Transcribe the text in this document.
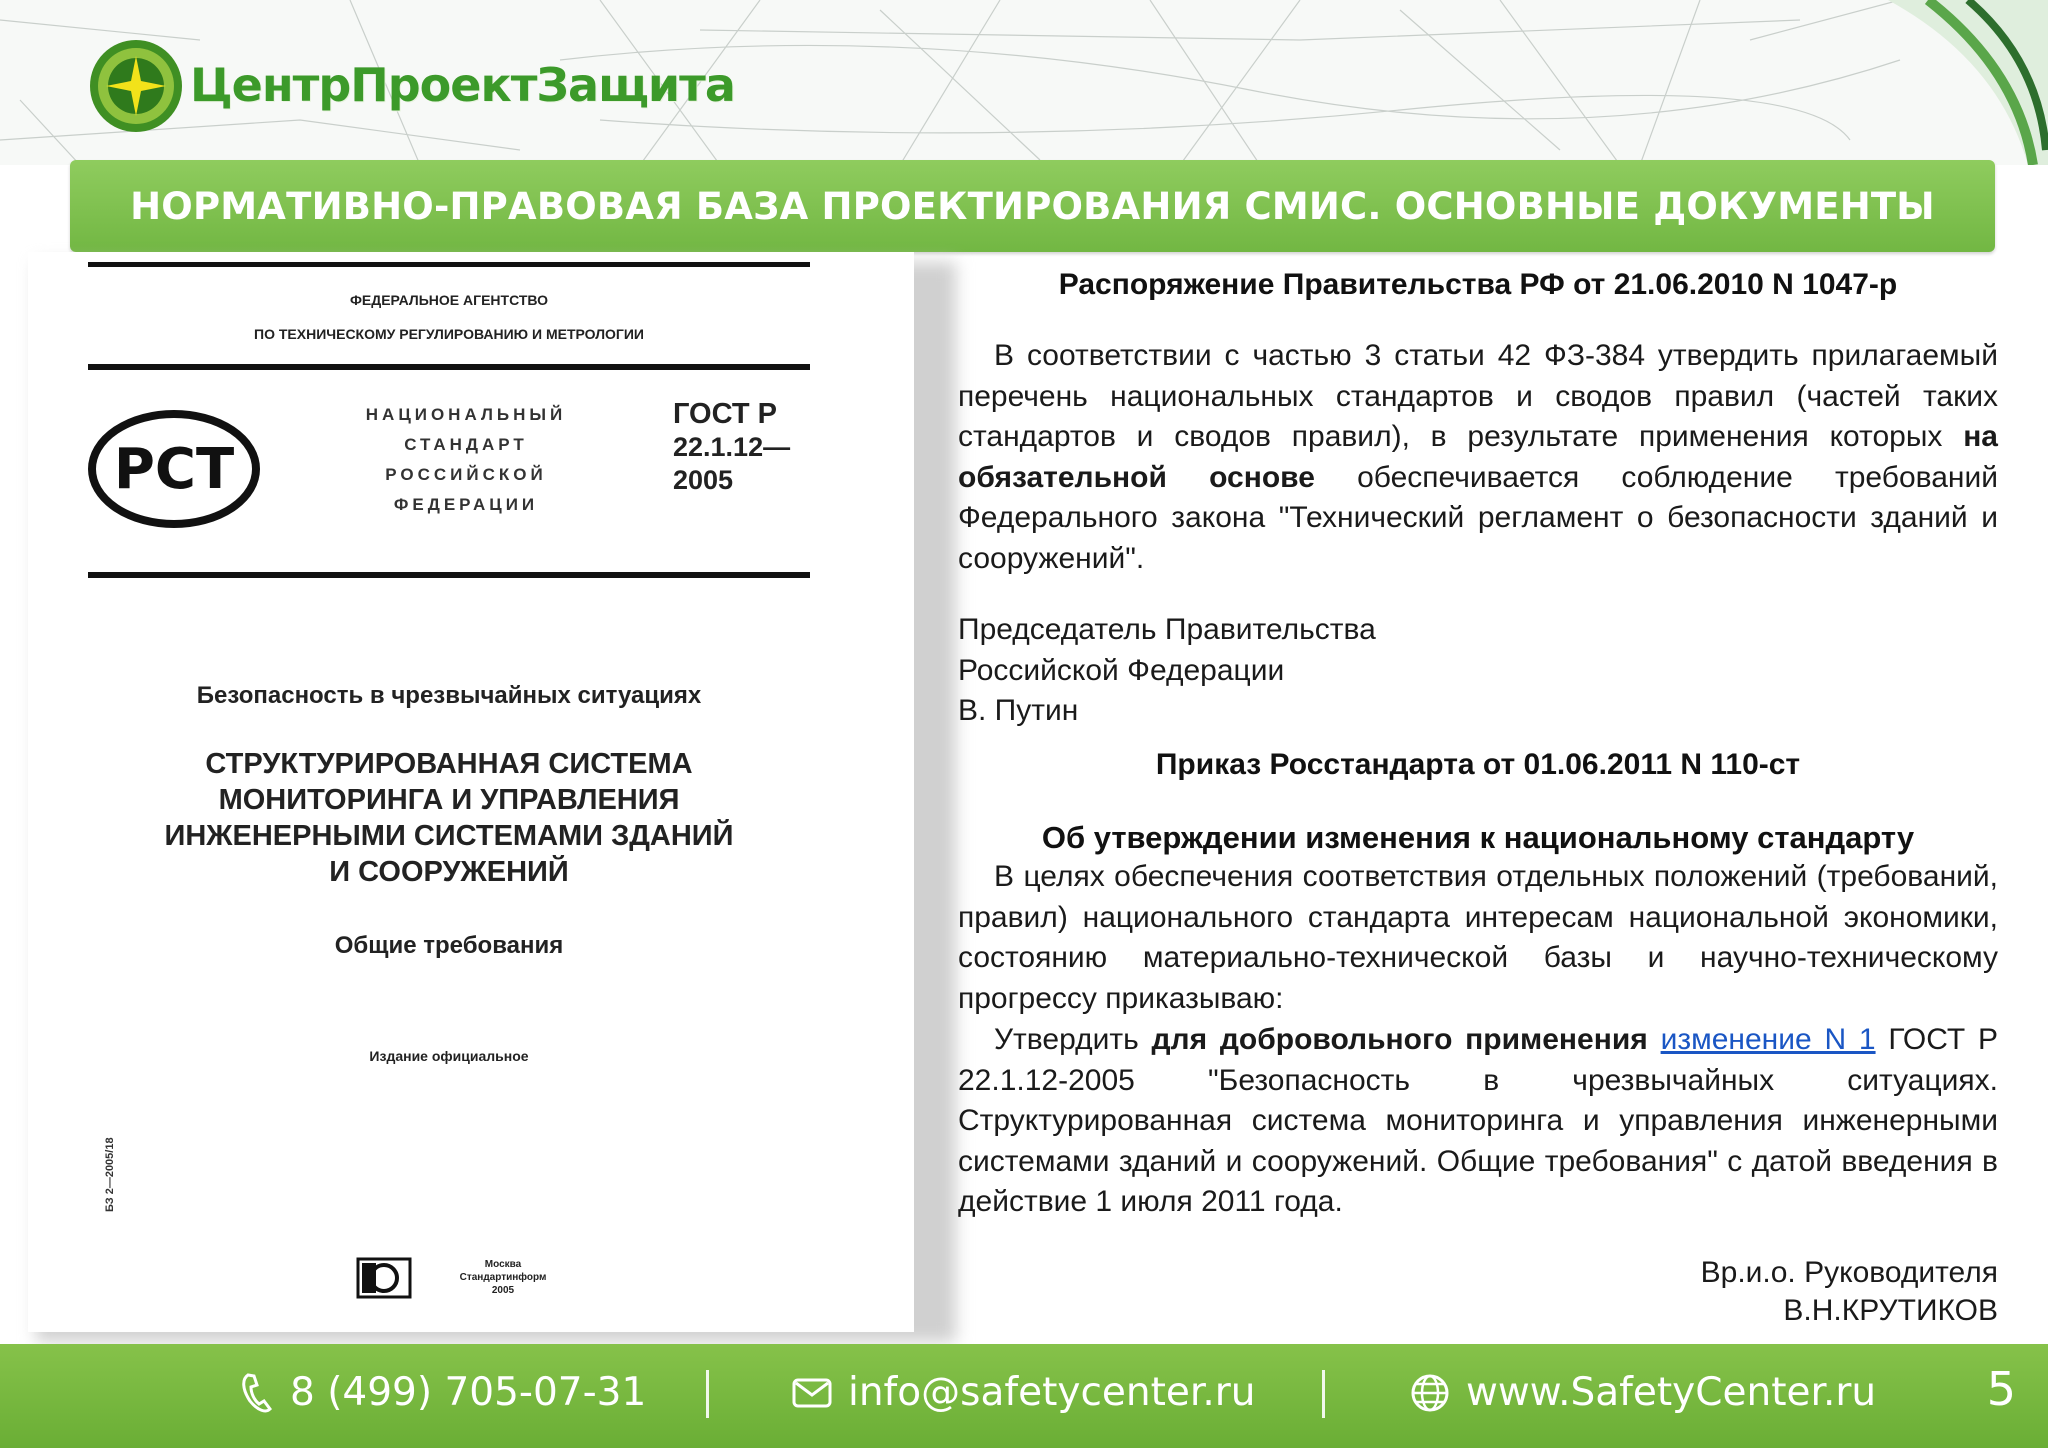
ЦентрПроектЗащита
НОРМАТИВНО-ПРАВОВАЯ БАЗА ПРОЕКТИРОВАНИЯ СМИС. ОСНОВНЫЕ ДОКУМЕНТЫ
ФЕДЕРАЛЬНОЕ АГЕНТСТВО
ПО ТЕХНИЧЕСКОМУ РЕГУЛИРОВАНИЮ И МЕТРОЛОГИИ
РСТ
НАЦИОНАЛЬНЫЙ
СТАНДАРТ
РОССИЙСКОЙ
ФЕДЕРАЦИИ
ГОСТ Р
22.1.12—
2005
Безопасность в чрезвычайных ситуациях
СТРУКТУРИРОВАННАЯ СИСТЕМА
МОНИТОРИНГА И УПРАВЛЕНИЯ
ИНЖЕНЕРНЫМИ СИСТЕМАМИ ЗДАНИЙ
И СООРУЖЕНИЙ
Общие требования
Издание официальное
БЗ 2—2005/18
Москва
Стандартинформ
2005
Распоряжение Правительства РФ от 21.06.2010 N 1047-р
В соответствии с частью 3 статьи 42 ФЗ-384 утвердить прилагаемый перечень национальных стандартов и сводов правил (частей таких стандартов и сводов правил), в результате применения которых на обязательной основе обеспечивается соблюдение требований Федерального закона "Технический регламент о безопасности зданий и сооружений".
Председатель Правительства
Российской Федерации
В. Путин
Приказ Росстандарта от 01.06.2011 N 110-ст
Об утверждении изменения к национальному стандарту
В целях обеспечения соответствия отдельных положений (требований, правил) национального стандарта интересам национальной экономики, состоянию материально-технической базы и научно-техническому прогрессу приказываю:
Утвердить для добровольного применения изменение N 1 ГОСТ Р 22.1.12-2005 "Безопасность в чрезвычайных ситуациях. Структурированная система мониторинга и управления инженерными системами зданий и сооружений. Общие требования" с датой введения в действие 1 июля 2011 года.
Вр.и.о. Руководителя
В.Н.КРУТИКОВ
8 (499) 705-07-31	info@safetycenter.ru	www.SafetyCenter.ru 5
